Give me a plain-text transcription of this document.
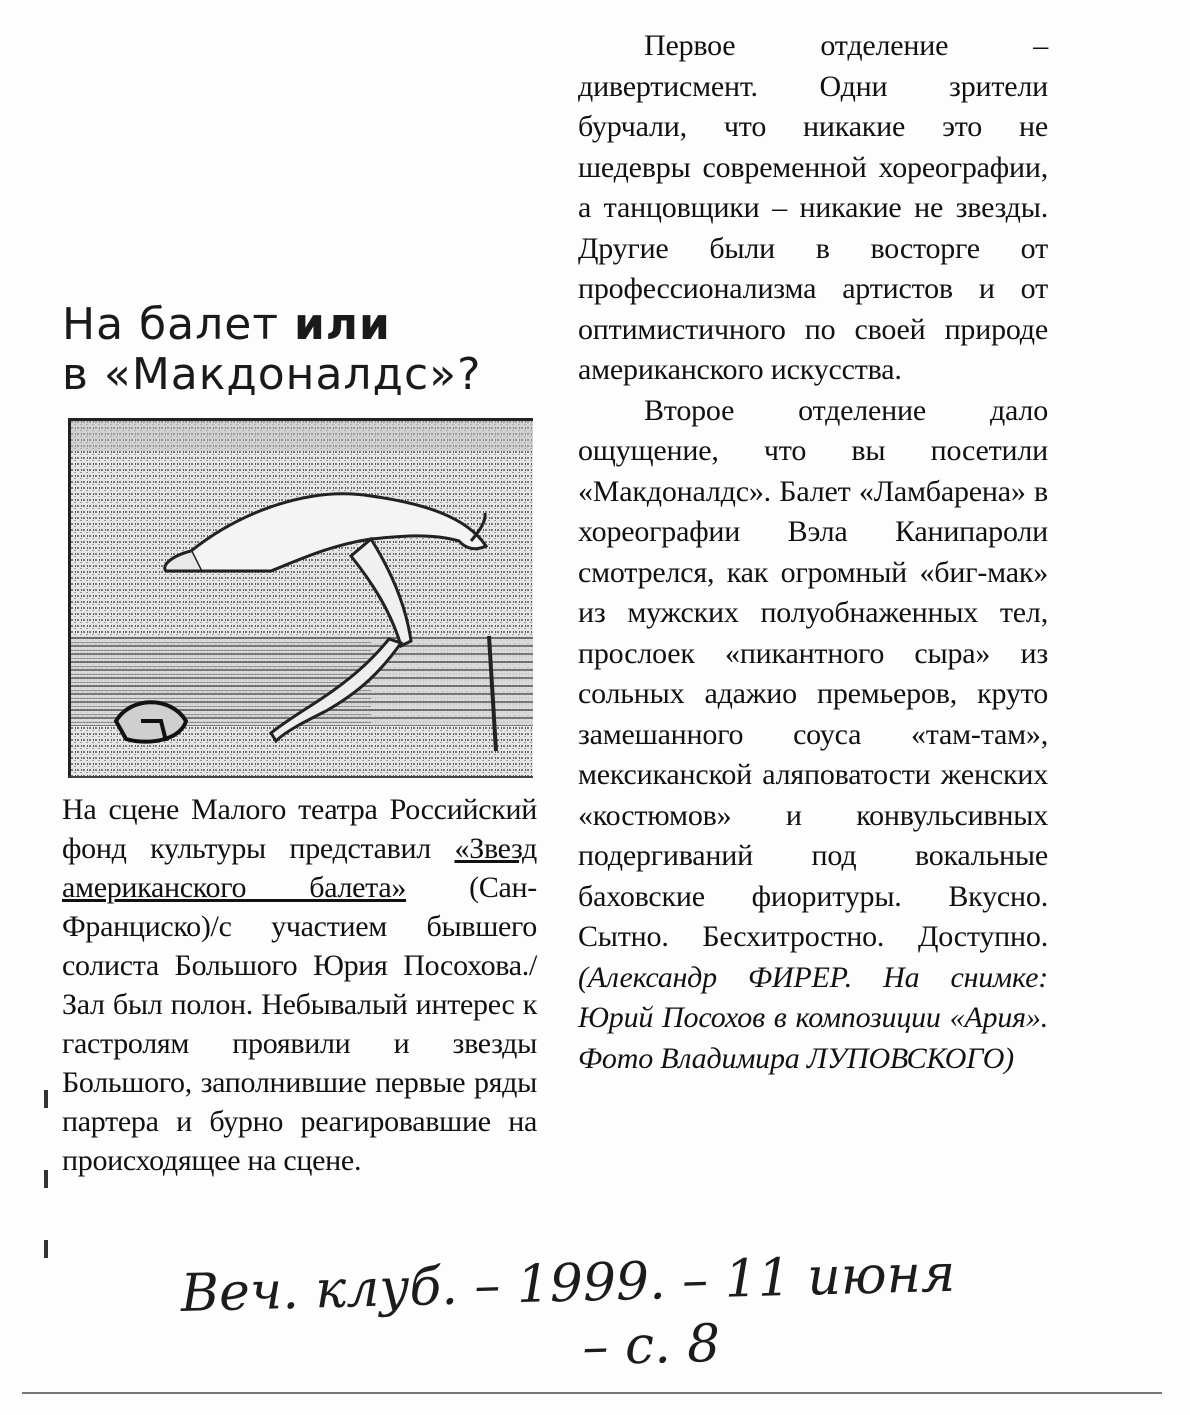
На балет или
в «Макдоналдс»?
На сцене Малого театра Российский фонд культуры представил «Звезд американского балета» (Сан-Франциско)/с участием бывшего солиста Большого Юрия Посохова./ Зал был полон. Небывалый интерес к гастролям проявили и звезды Большого, заполнившие первые ряды партера и бурно реагировавшие на происходящее на сцене.

Первое отделение – дивертисмент. Одни зрители бурчали, что никакие это не шедевры современной хореографии, а танцовщики – никакие не звезды. Другие были в восторге от профессионализма артистов и от оптимистичного по своей природе американского искусства.

Второе отделение дало ощущение, что вы посетили «Макдоналдс». Балет «Ламбарена» в хореографии Вэла Канипароли смотрелся, как огромный «биг-мак» из мужских полуобнаженных тел, прослоек «пикантного сыра» из сольных адажио премьеров, круто замешанного соуса «там-там», мексиканской аляповатости женских «костюмов» и конвульсивных подергиваний под вокальные баховские фиоритуры. Вкусно. Сытно. Бесхитростно. Доступно. (Александр ФИРЕР. На снимке: Юрий Посохов в композиции «Ария». Фото Владимира ЛУПОВСКОГО)

Веч. клуб. – 1999. – 11 июня
– с. 8
